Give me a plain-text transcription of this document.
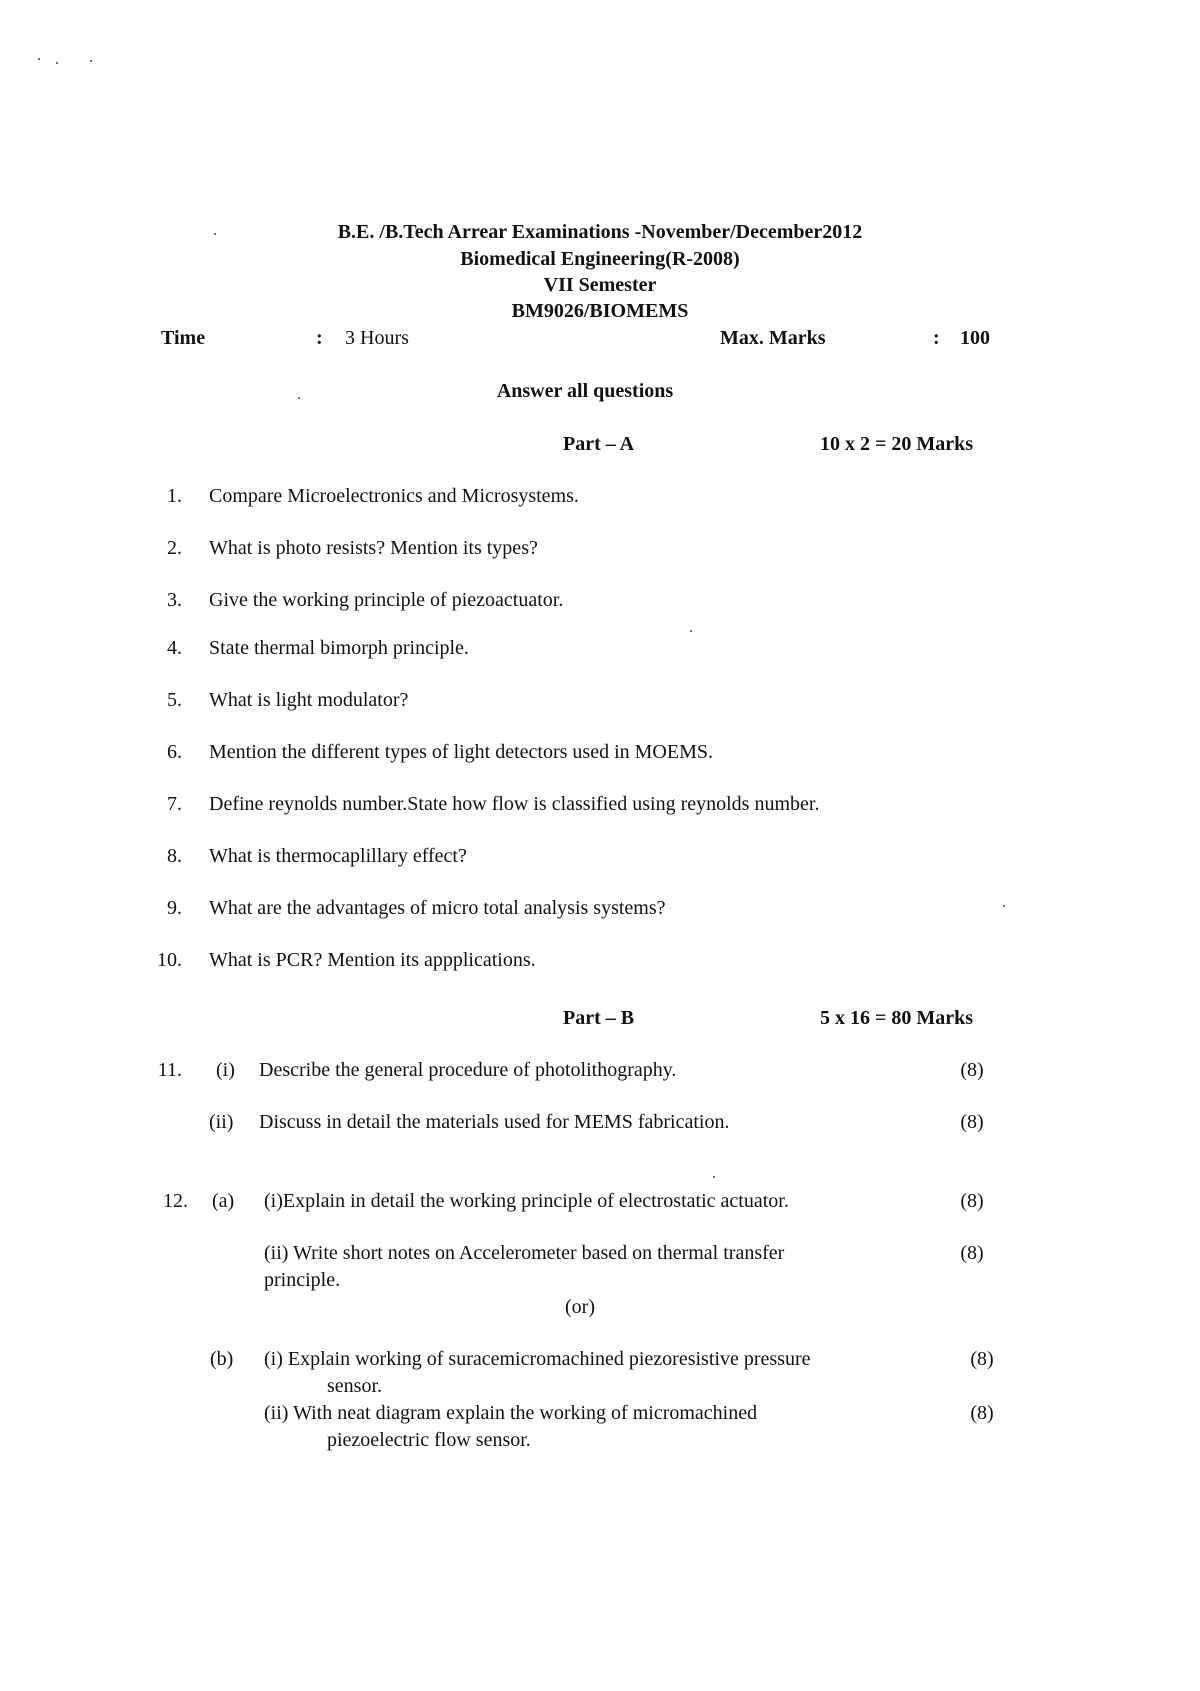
B.E. /B.Tech Arrear Examinations -November/December2012
Biomedical Engineering(R-2008)
VII Semester
BM9026/BIOMEMS
Time	: 3 Hours	Max. Marks	: 100
Answer all questions
Part – A	10 x 2 = 20 Marks
1. Compare Microelectronics and Microsystems.
2. What is photo resists? Mention its types?
3. Give the working principle of piezoactuator.
4. State thermal bimorph principle.
5. What is light modulator?
6. Mention the different types of light detectors used in MOEMS.
7. Define reynolds number.State how flow is classified using reynolds number.
8. What is thermocaplillary effect?
9. What are the advantages of micro total analysis systems?
10. What is PCR? Mention its appplications.
Part – B	5 x 16 = 80 Marks
11. (i) Describe the general procedure of photolithography.	(8)
(ii) Discuss in detail the materials used for MEMS fabrication.	(8)
12. (a) (i)Explain in detail the working principle of electrostatic actuator.	(8)
(ii) Write short notes on Accelerometer based on thermal transfer	(8)
principle.
(or)
(b) (i) Explain working of suracemicromachined piezoresistive pressure	(8)
sensor.
(ii) With neat diagram explain the working of micromachined	(8)
piezoelectric flow sensor.
